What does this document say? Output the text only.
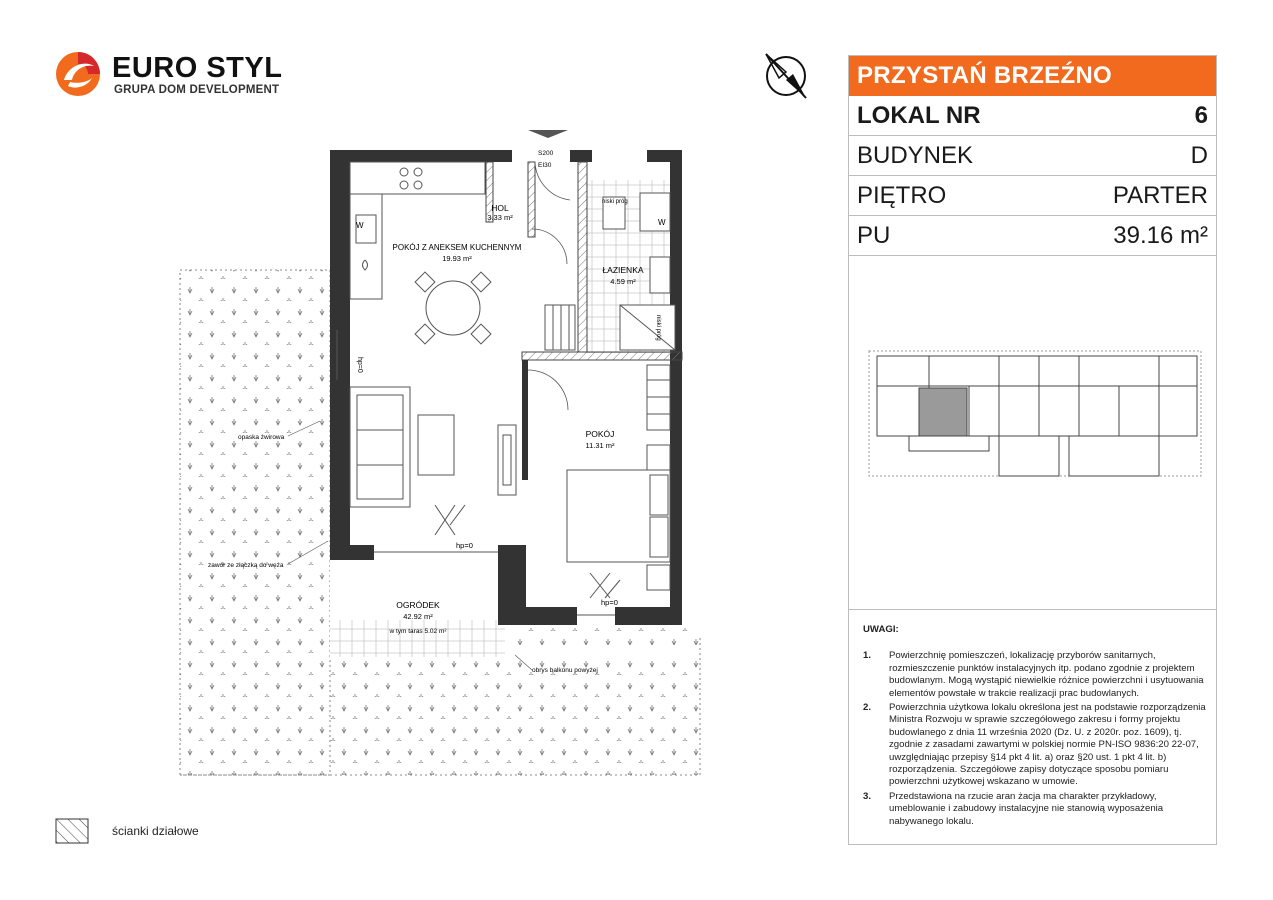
EURO STYL
GRUPA DOM DEVELOPMENT
S200
EI30
W	W
niski próg
niski próg
hp=0
hp=0
hp=0
HOL
3.33 m²
POKÓJ Z ANEKSEM KUCHENNYM
19.93 m²
ŁAZIENKA
4.59 m²
POKÓJ
11.31 m²
OGRÓDEK
42.92 m²
w tym taras 5.02 m²
opaska żwirowa
zawór ze złączką do węża
obrys balkonu powyżej
PRZYSTAŃ BRZEŹNO
LOKAL NR	6
BUDYNEK	D
PIĘTRO	PARTER
PU	39.16 m²
UWAGI:
1.	Powierzchnię pomieszczeń, lokalizację przyborów sanitarnych, rozmieszczenie punktów instalacyjnych itp. podano zgodnie z projektem budowlanym. Mogą wystąpić niewielkie różnice powierzchni i usytuowania elementów powstałe w trakcie realizacji prac budowlanych.
2.	Powierzchnia użytkowa lokalu określona jest na podstawie rozporządzenia Ministra Rozwoju w sprawie szczegółowego zakresu i formy projektu budowlanego z dnia 11 września 2020 (Dz. U. z 2020r. poz. 1609), tj. zgodnie z zasadami zawartymi w polskiej normie PN-ISO 9836:20 22-07, uwzględniając przepisy §14 pkt 4 lit. a) oraz §20 ust. 1 pkt 4 lit. b) rozporządzenia. Szczegółowe zapisy dotyczące sposobu pomiaru powierzchni użytkowej wskazano w umowie.
3.	Przedstawiona na rzucie aran żacja ma charakter przykładowy, umeblowanie i zabudowy instalacyjne nie stanowią wyposażenia nabywanego lokalu.
ścianki działowe
